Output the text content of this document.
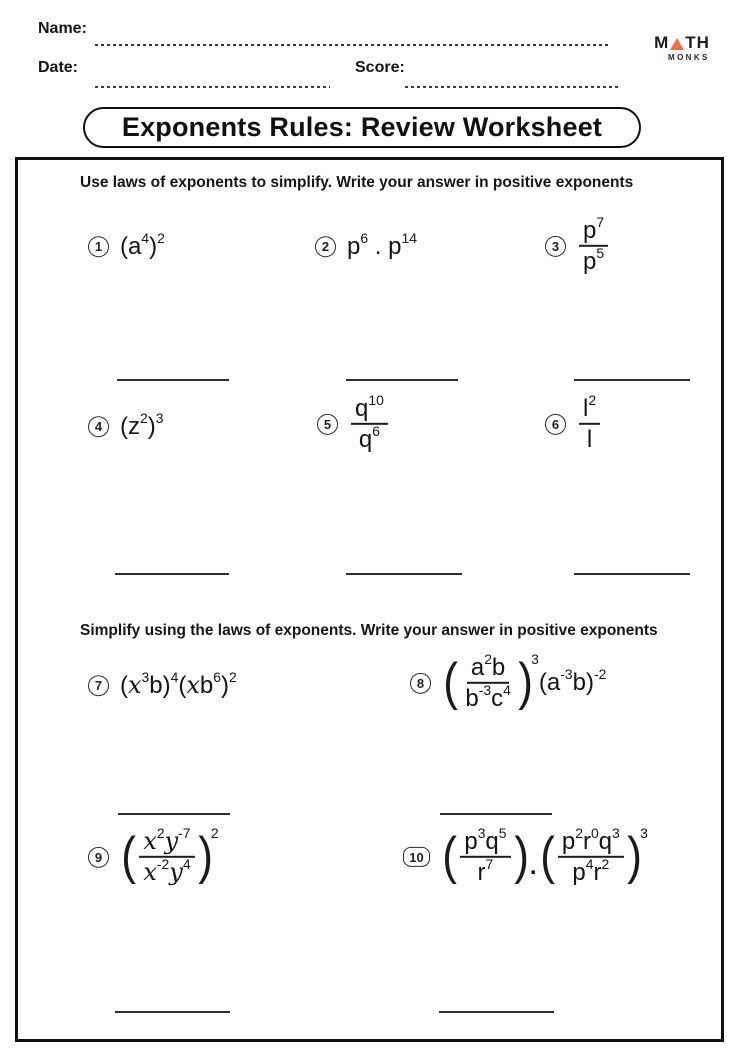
Name:
Date:	Score:
M TH
MONKS
Exponents Rules: Review Worksheet
Use laws of exponents to simplify. Write your answer in positive exponents
Simplify using the laws of exponents. Write your answer in positive exponents
1 $(a^4)^2$
2 $p^6$ . $p^{14}$	$3 \frac{p^7}{p^5}$
4 $(z^2)^3$	$5 \frac{q^{10}}{q^6}$	$6 \frac{l^2}{l}$
7 $(x^3b)^4(xb^6)^2$	8 ( $\frac{a^2b}{b^{-3}c^4}$ )
$^3$
$(a^{-3}b)^{-2}$
9 ( $\frac{x^2y^{-7}}{x^{-2}y^4}$ )
$^2$
10 ( $\frac{p^3q^5}{r^7}$ ) . ( $\frac{p^2r^0q^3}{p^4r^2}$ )
$^3$
